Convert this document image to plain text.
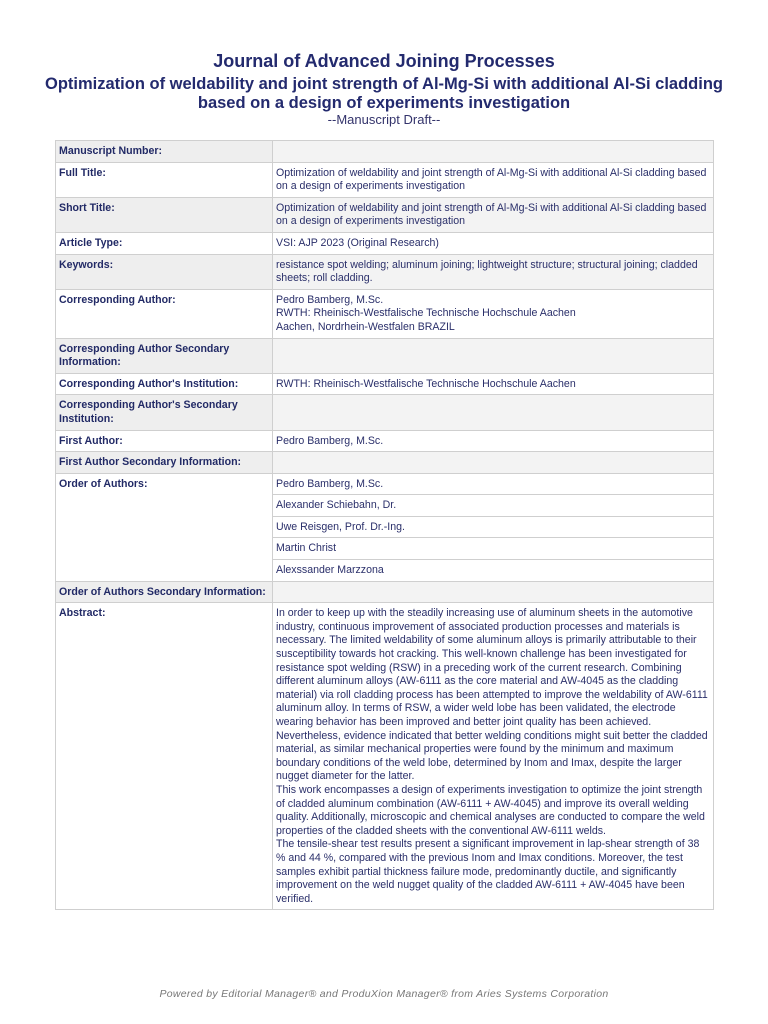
Journal of Advanced Joining Processes

Optimization of weldability and joint strength of Al-Mg-Si with additional Al-Si cladding based on a design of experiments investigation

--Manuscript Draft--

Manuscript Number:	
Full Title:	Optimization of weldability and joint strength of Al-Mg-Si with additional Al-Si cladding based on a design of experiments investigation
Short Title:	Optimization of weldability and joint strength of Al-Mg-Si with additional Al-Si cladding based on a design of experiments investigation
Article Type:	VSI: AJP 2023 (Original Research)
Keywords:	resistance spot welding; aluminum joining; lightweight structure; structural joining; cladded sheets; roll cladding.
Corresponding Author:	Pedro Bamberg, M.Sc.
RWTH: Rheinisch-Westfalische Technische Hochschule Aachen
Aachen, Nordrhein-Westfalen BRAZIL

Corresponding Author Secondary Information:	
Corresponding Author's Institution:	RWTH: Rheinisch-Westfalische Technische Hochschule Aachen
Corresponding Author's Secondary Institution:	
First Author:	Pedro Bamberg, M.Sc.
First Author Secondary Information:	
Order of Authors:	Pedro Bamberg, M.Sc.
	Alexander Schiebahn, Dr.
	Uwe Reisgen, Prof. Dr.-Ing.
	Martin Christ
	Alexssander Marzzona
Order of Authors Secondary Information:	
Abstract:	In order to keep up with the steadily increasing use of aluminum sheets in the automotive industry, continuous improvement of associated production processes and materials is necessary. The limited weldability of some aluminum alloys is primarily attributable to their susceptibility towards hot cracking. This well-known challenge has been investigated for resistance spot welding (RSW) in a preceding work of the current research. Combining different aluminum alloys (AW-6111 as the core material and AW-4045 as the cladding material) via roll cladding process has been attempted to improve the weldability of AW-6111 aluminum alloy. In terms of RSW, a wider weld lobe has been validated, the electrode wearing behavior has been improved and better joint quality has been achieved. Nevertheless, evidence indicated that better welding conditions might suit better the cladded material, as similar mechanical properties were found by the minimum and maximum boundary conditions of the weld lobe, determined by Inom and Imax, despite the larger nugget diameter for the latter.
This work encompasses a design of experiments investigation to optimize the joint strength of cladded aluminum combination (AW-6111 + AW-4045) and improve its overall welding quality. Additionally, microscopic and chemical analyses are conducted to compare the weld properties of the cladded sheets with the conventional AW-6111 welds.
The tensile-shear test results present a significant improvement in lap-shear strength of 38 % and 44 %, compared with the previous Inom and Imax conditions. Moreover, the test samples exhibit partial thickness failure mode, predominantly ductile, and significantly improvement on the weld nugget quality of the cladded AW-6111 + AW-4045 have been verified.
Powered by Editorial Manager® and ProduXion Manager® from Aries Systems Corporation
